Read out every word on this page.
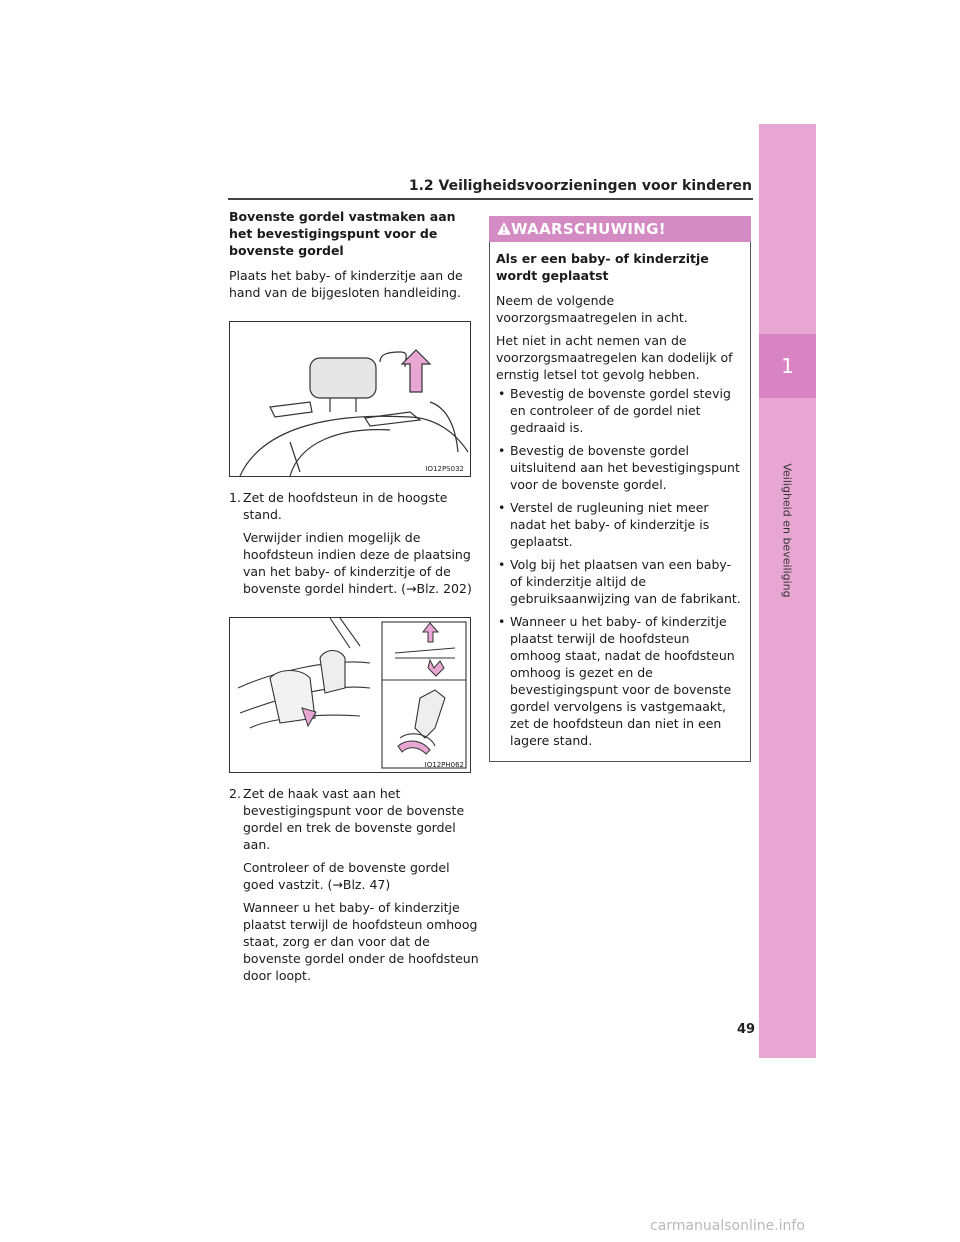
1
Veiligheid en beveiliging
1.2 Veiligheidsvoorzieningen voor kinderen
Bovenste gordel vastmaken aan het bevestigingspunt voor de bovenste gordel

Plaats het baby- of kinderzitje aan de hand van de bijgesloten handleiding.

IO12PS032
1. Zet de hoofdsteun in de hoogste stand.

Verwijder indien mogelijk de hoofdsteun indien deze de plaatsing van het baby- of kinderzitje of de bovenste gordel hindert. (→Blz. 202)

IO12PH062
2. Zet de haak vast aan het bevestigingspunt voor de bovenste gordel en trek de bovenste gordel aan.

Controleer of de bovenste gordel goed vastzit. (→Blz. 47)

Wanneer u het baby- of kinderzitje plaatst terwijl de hoofdsteun omhoog staat, zorg er dan voor dat de bovenste gordel onder de hoofdsteun door loopt.

WAARSCHUWING!
Als er een baby- of kinderzitje wordt geplaatst

Neem de volgende voorzorgsmaatregelen in acht.

Het niet in acht nemen van de voorzorgsmaatregelen kan dodelijk of ernstig letsel tot gevolg hebben.

• Bevestig de bovenste gordel stevig en controleer of de gordel niet gedraaid is.
• Bevestig de bovenste gordel uitsluitend aan het bevestigingspunt voor de bovenste gordel.
• Verstel de rugleuning niet meer nadat het baby- of kinderzitje is geplaatst.
• Volg bij het plaatsen van een baby- of kinderzitje altijd de gebruiksaanwijzing van de fabrikant.
• Wanneer u het baby- of kinderzitje plaatst terwijl de hoofdsteun omhoog staat, nadat de hoofdsteun omhoog is gezet en de bevestigingspunt voor de bovenste gordel vervolgens is vastgemaakt, zet de hoofdsteun dan niet in een lagere stand.
49
carmanualsonline.info
